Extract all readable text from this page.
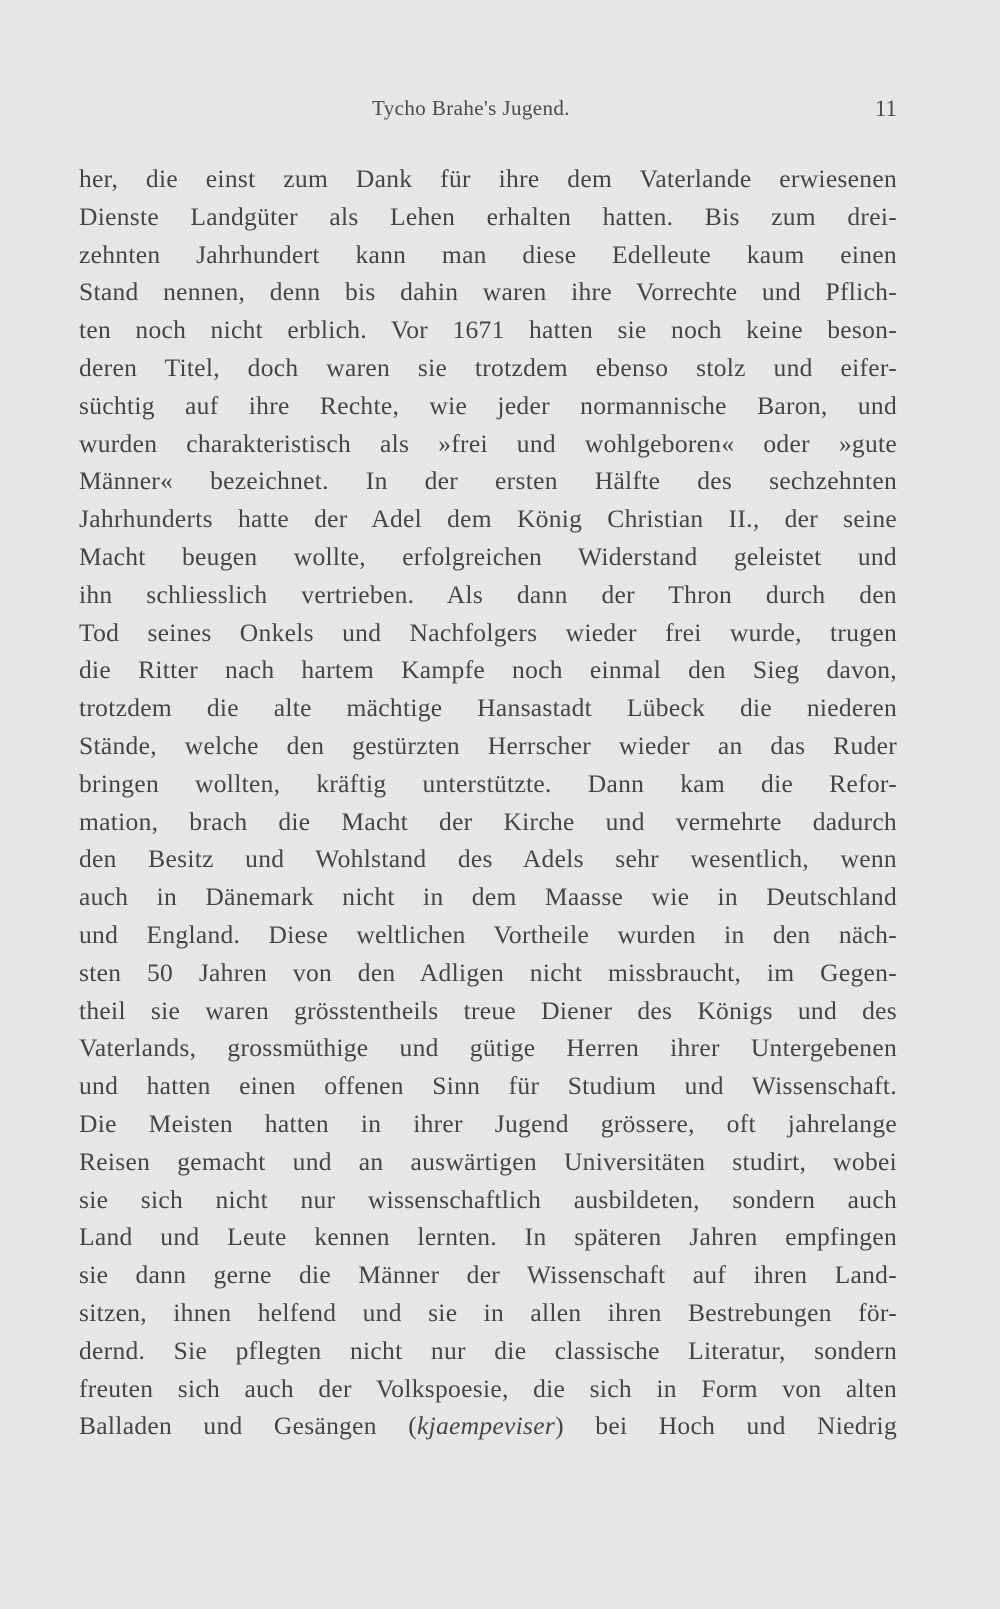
Tycho Brahe's Jugend.	11
her, die einst zum Dank für ihre dem Vaterlande erwiesenen
Dienste Landgüter als Lehen erhalten hatten. Bis zum drei-
zehnten Jahrhundert kann man diese Edelleute kaum einen
Stand nennen, denn bis dahin waren ihre Vorrechte und Pflich-
ten noch nicht erblich. Vor 1671 hatten sie noch keine beson-
deren Titel, doch waren sie trotzdem ebenso stolz und eifer-
süchtig auf ihre Rechte, wie jeder normannische Baron, und
wurden charakteristisch als »frei und wohlgeboren« oder »gute
Männer« bezeichnet. In der ersten Hälfte des sechzehnten
Jahrhunderts hatte der Adel dem König Christian II., der seine
Macht beugen wollte, erfolgreichen Widerstand geleistet und
ihn schliesslich vertrieben. Als dann der Thron durch den
Tod seines Onkels und Nachfolgers wieder frei wurde, trugen
die Ritter nach hartem Kampfe noch einmal den Sieg davon,
trotzdem die alte mächtige Hansastadt Lübeck die niederen
Stände, welche den gestürzten Herrscher wieder an das Ruder
bringen wollten, kräftig unterstützte. Dann kam die Refor-
mation, brach die Macht der Kirche und vermehrte dadurch
den Besitz und Wohlstand des Adels sehr wesentlich, wenn
auch in Dänemark nicht in dem Maasse wie in Deutschland
und England. Diese weltlichen Vortheile wurden in den näch-
sten 50 Jahren von den Adligen nicht missbraucht, im Gegen-
theil sie waren grösstentheils treue Diener des Königs und des
Vaterlands, grossmüthige und gütige Herren ihrer Untergebenen
und hatten einen offenen Sinn für Studium und Wissenschaft.
Die Meisten hatten in ihrer Jugend grössere, oft jahrelange
Reisen gemacht und an auswärtigen Universitäten studirt, wobei
sie sich nicht nur wissenschaftlich ausbildeten, sondern auch
Land und Leute kennen lernten. In späteren Jahren empfingen
sie dann gerne die Männer der Wissenschaft auf ihren Land-
sitzen, ihnen helfend und sie in allen ihren Bestrebungen för-
dernd. Sie pflegten nicht nur die classische Literatur, sondern
freuten sich auch der Volkspoesie, die sich in Form von alten
Balladen und Gesängen (kjaempeviser) bei Hoch und Niedrig
